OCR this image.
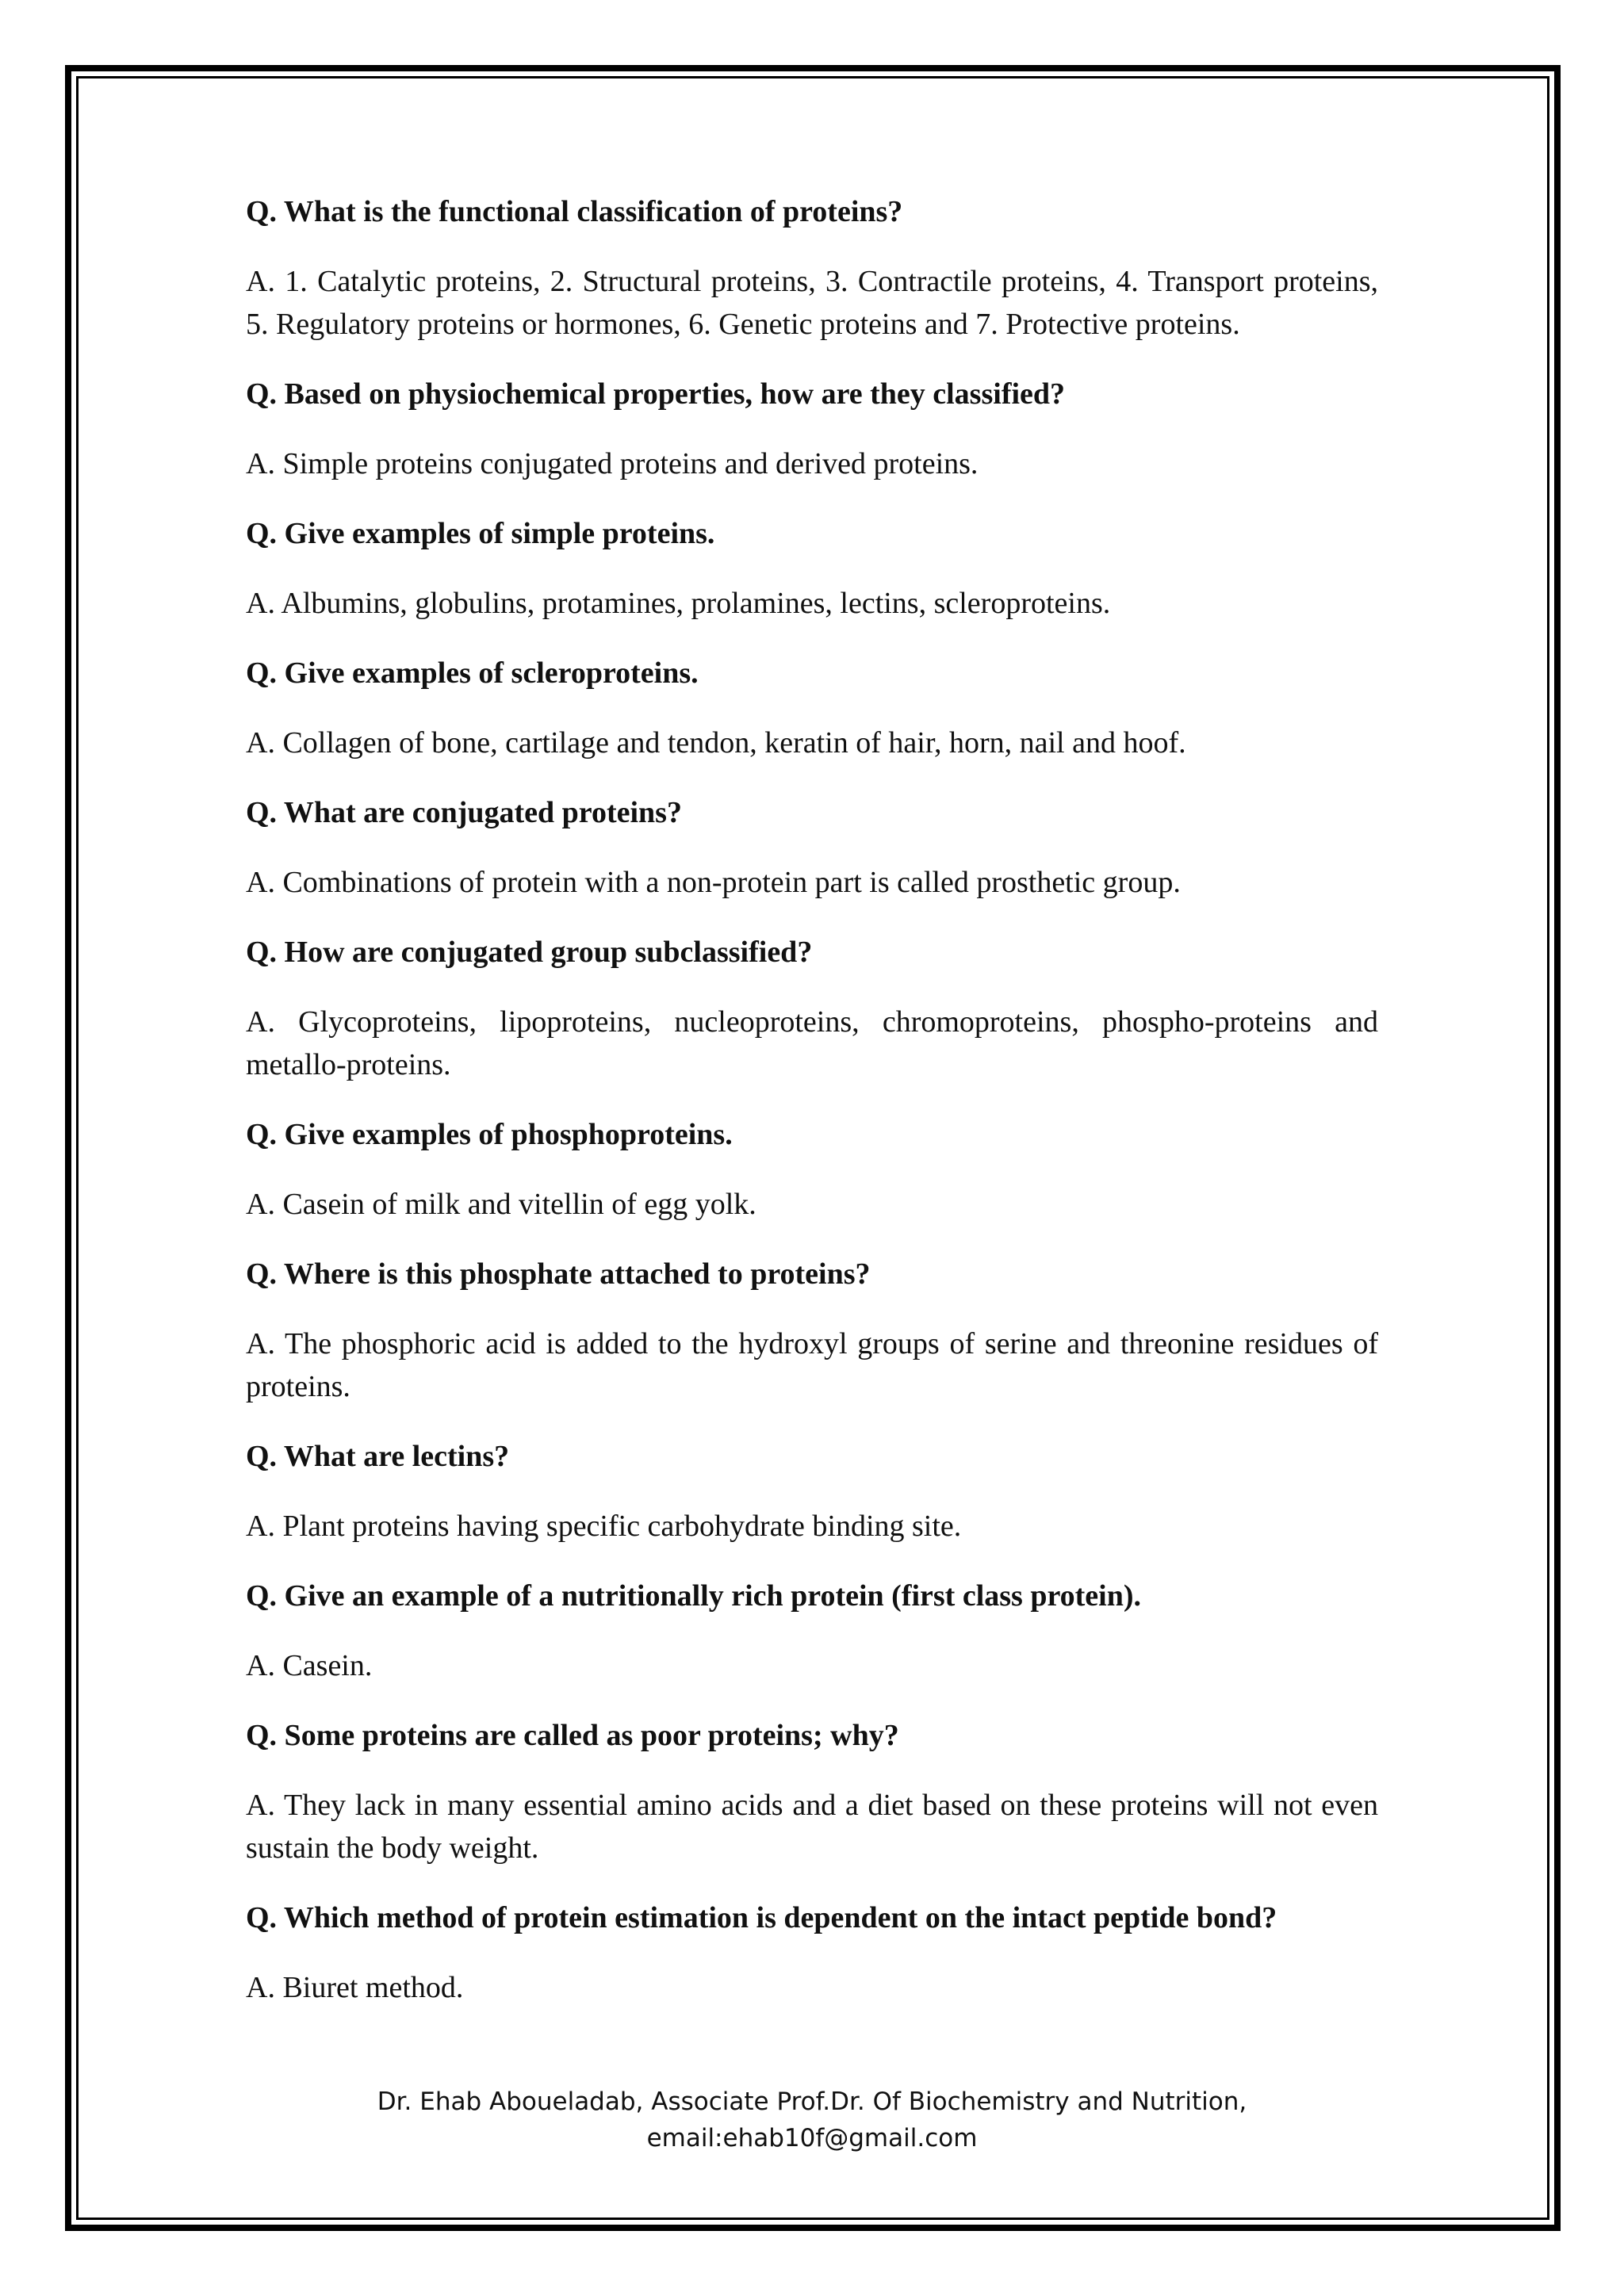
Q. What is the functional classification of proteins?

A. 1. Catalytic proteins, 2. Structural proteins, 3. Contractile proteins, 4. Transport proteins, 5. Regulatory proteins or hormones, 6. Genetic proteins and 7. Protective proteins.

Q. Based on physiochemical properties, how are they classified?

A. Simple proteins conjugated proteins and derived proteins.

Q. Give examples of simple proteins.

A. Albumins, globulins, protamines, prolamines, lectins, scleroproteins.

Q. Give examples of scleroproteins.

A. Collagen of bone, cartilage and tendon, keratin of hair, horn, nail and hoof.

Q. What are conjugated proteins?

A. Combinations of protein with a non-protein part is called prosthetic group.

Q. How are conjugated group subclassified?

A. Glycoproteins, lipoproteins, nucleoproteins, chromoproteins, phospho-proteins and metallo-proteins.

Q. Give examples of phosphoproteins.

A. Casein of milk and vitellin of egg yolk.

Q. Where is this phosphate attached to proteins?

A. The phosphoric acid is added to the hydroxyl groups of serine and threonine residues of proteins.

Q. What are lectins?

A. Plant proteins having specific carbohydrate binding site.

Q. Give an example of a nutritionally rich protein (first class protein).

A. Casein.

Q. Some proteins are called as poor proteins; why?

A. They lack in many essential amino acids and a diet based on these proteins will not even sustain the body weight.

Q. Which method of protein estimation is dependent on the intact peptide bond?

A. Biuret method.

Dr. Ehab Aboueladab, Associate Prof.Dr. Of Biochemistry and Nutrition,
email:ehab10f@gmail.com
